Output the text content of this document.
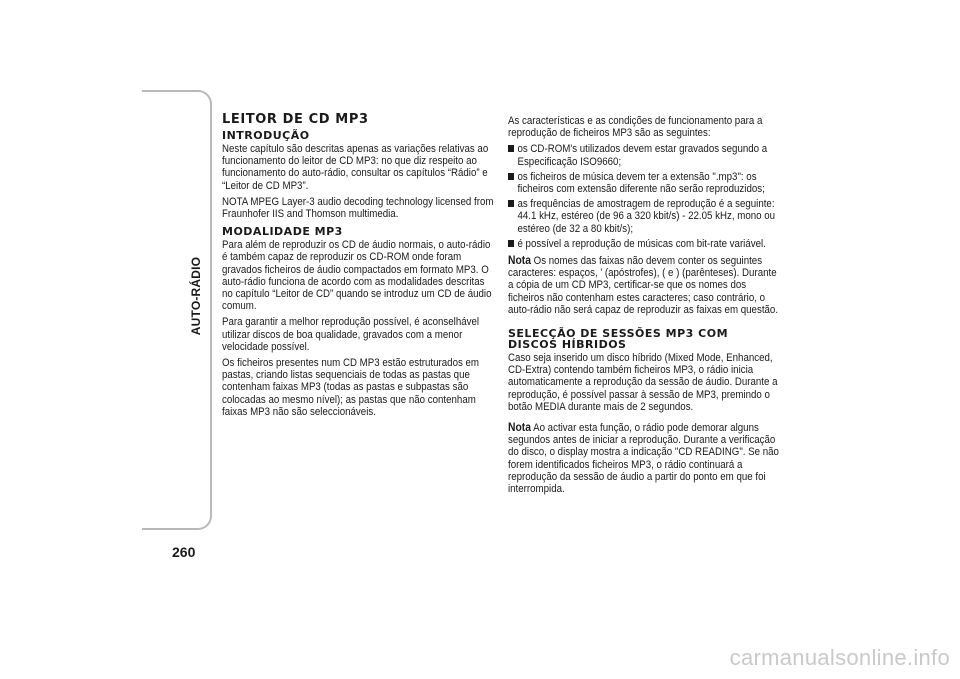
AUTO-RÁDIO
260
LEITOR DE CD MP3
INTRODUÇÃO

Neste capítulo são descritas apenas as variações relativas ao funcionamento do leitor de CD MP3: no que diz respeito ao funcionamento do auto-rádio, consultar os capítulos “Rádio” e “Leitor de CD MP3”.

NOTA MPEG Layer-3 audio decoding technology licensed from Fraunhofer IIS and Thomson multimedia.

MODALIDADE MP3

Para além de reproduzir os CD de áudio normais, o auto-rádio é também capaz de reproduzir os CD-ROM onde foram gravados ficheiros de áudio compactados em formato MP3. O auto-rádio funciona de acordo com as modalidades descritas no capítulo “Leitor de CD” quando se introduz um CD de áudio comum.

Para garantir a melhor reprodução possível, é aconselhável utilizar discos de boa qualidade, gravados com a menor velocidade possível.

Os ficheiros presentes num CD MP3 estão estruturados em pastas, criando listas sequenciais de todas as pastas que contenham faixas MP3 (todas as pastas e subpastas são colocadas ao mesmo nível); as pastas que não contenham faixas MP3 não são seleccionáveis.

As características e as condições de funcionamento para a reprodução de ficheiros MP3 são as seguintes:

os CD-ROM's utilizados devem estar gravados segundo a Especificação ISO9660;
os ficheiros de música devem ter a extensão ".mp3": os ficheiros com extensão diferente não serão reproduzidos;
as frequências de amostragem de reprodução é a seguinte: 44.1 kHz, estéreo (de 96 a 320 kbit/s) - 22.05 kHz, mono ou estéreo (de 32 a 80 kbit/s);
é possível a reprodução de músicas com bit-rate variável.

Nota Os nomes das faixas não devem conter os seguintes caracteres: espaços, ' (apóstrofes), ( e ) (parênteses). Durante a cópia de um CD MP3, certificar-se que os nomes dos ficheiros não contenham estes caracteres; caso contrário, o auto-rádio não será capaz de reproduzir as faixas em questão.

SELECÇÃO DE SESSÕES MP3 COM DISCOS HÍBRIDOS

Caso seja inserido um disco híbrido (Mixed Mode, Enhanced, CD-Extra) contendo também ficheiros MP3, o rádio inicia automaticamente a reprodução da sessão de áudio. Durante a reprodução, é possível passar à sessão de MP3, premindo o botão MEDIA durante mais de 2 segundos.

Nota Ao activar esta função, o rádio pode demorar alguns segundos antes de iniciar a reprodução. Durante a verificação do disco, o display mostra a indicação "CD READING". Se não forem identificados ficheiros MP3, o rádio continuará a reprodução da sessão de áudio a partir do ponto em que foi interrompida.

carmanualsonline.info
